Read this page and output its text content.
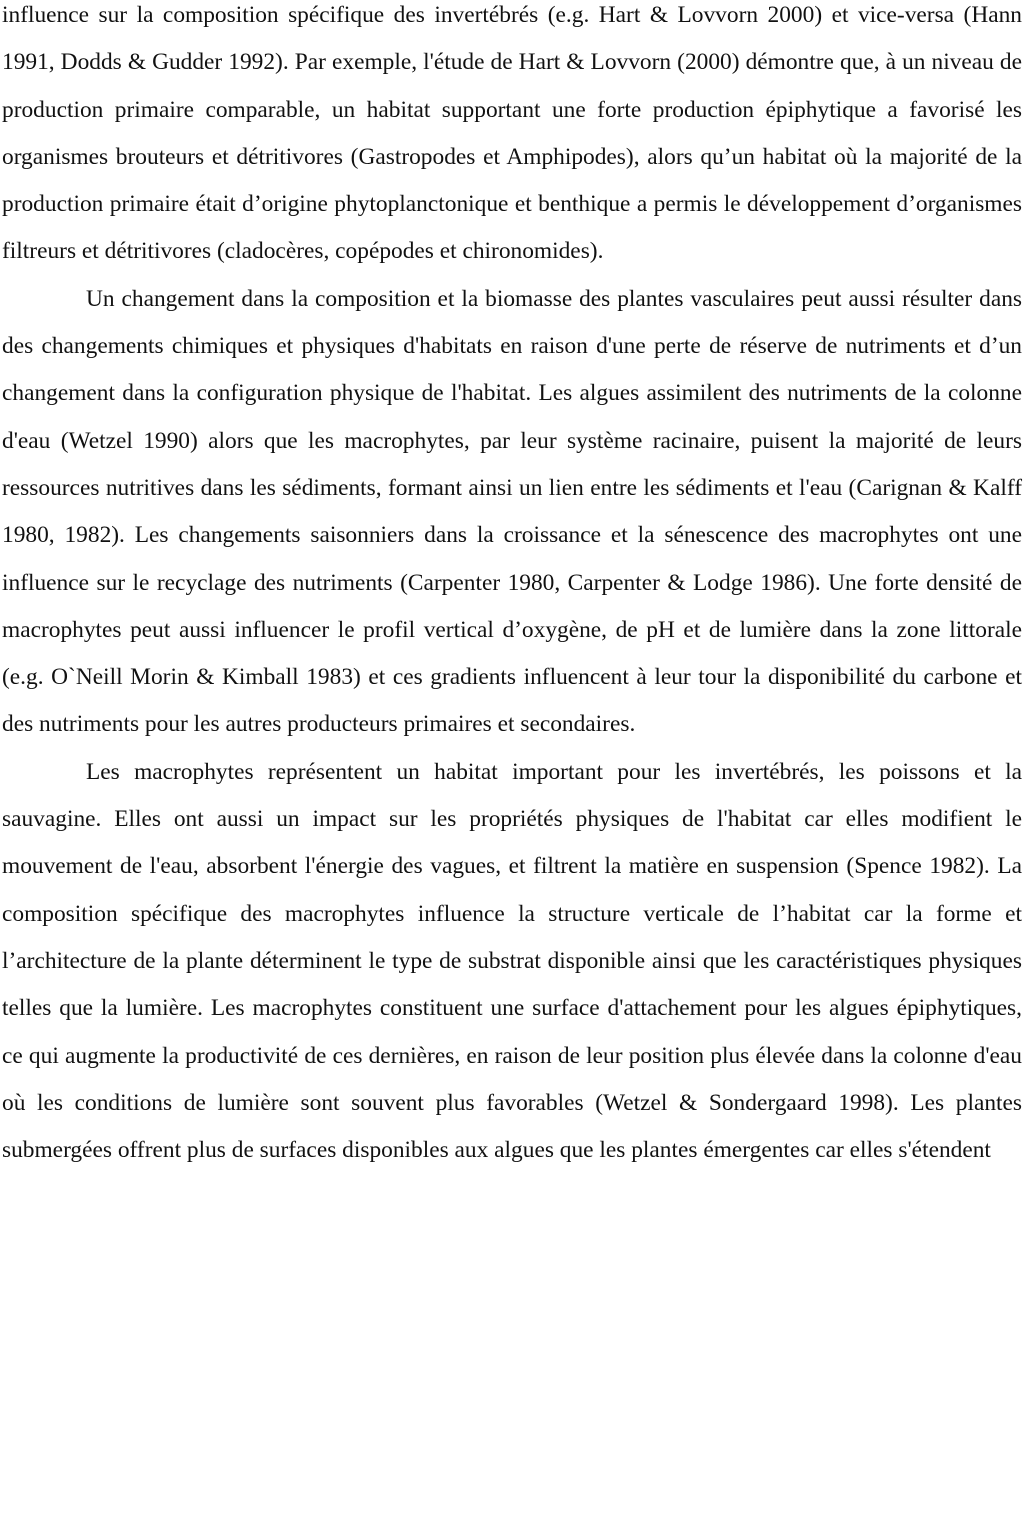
influence sur la composition spécifique des invertébrés (e.g. Hart & Lovvorn 2000) et vice-versa (Hann 1991, Dodds & Gudder 1992). Par exemple, l'étude de Hart & Lovvorn (2000) démontre que, à un niveau de production primaire comparable, un habitat supportant une forte production épiphytique a favorisé les organismes brouteurs et détritivores (Gastropodes et Amphipodes), alors qu’un habitat où la majorité de la production primaire était d’origine phytoplanctonique et benthique a permis le développement d’organismes filtreurs et détritivores (cladocères, copépodes et chironomides).

Un changement dans la composition et la biomasse des plantes vasculaires peut aussi résulter dans des changements chimiques et physiques d'habitats en raison d'une perte de réserve de nutriments et d’un changement dans la configuration physique de l'habitat. Les algues assimilent des nutriments de la colonne d'eau (Wetzel 1990) alors que les macrophytes, par leur système racinaire, puisent la majorité de leurs ressources nutritives dans les sédiments, formant ainsi un lien entre les sédiments et l'eau (Carignan & Kalff 1980, 1982). Les changements saisonniers dans la croissance et la sénescence des macrophytes ont une influence sur le recyclage des nutriments (Carpenter 1980, Carpenter & Lodge 1986). Une forte densité de macrophytes peut aussi influencer le profil vertical d’oxygène, de pH et de lumière dans la zone littorale (e.g. O`Neill Morin & Kimball 1983) et ces gradients influencent à leur tour la disponibilité du carbone et des nutriments pour les autres producteurs primaires et secondaires.

Les macrophytes représentent un habitat important pour les invertébrés, les poissons et la sauvagine. Elles ont aussi un impact sur les propriétés physiques de l'habitat car elles modifient le mouvement de l'eau, absorbent l'énergie des vagues, et filtrent la matière en suspension (Spence 1982). La composition spécifique des macrophytes influence la structure verticale de l’habitat car la forme et l’architecture de la plante déterminent le type de substrat disponible ainsi que les caractéristiques physiques telles que la lumière. Les macrophytes constituent une surface d'attachement pour les algues épiphytiques, ce qui augmente la productivité de ces dernières, en raison de leur position plus élevée dans la colonne d'eau où les conditions de lumière sont souvent plus favorables (Wetzel & Sondergaard 1998). Les plantes submergées offrent plus de surfaces disponibles aux algues que les plantes émergentes car elles s'étendent
